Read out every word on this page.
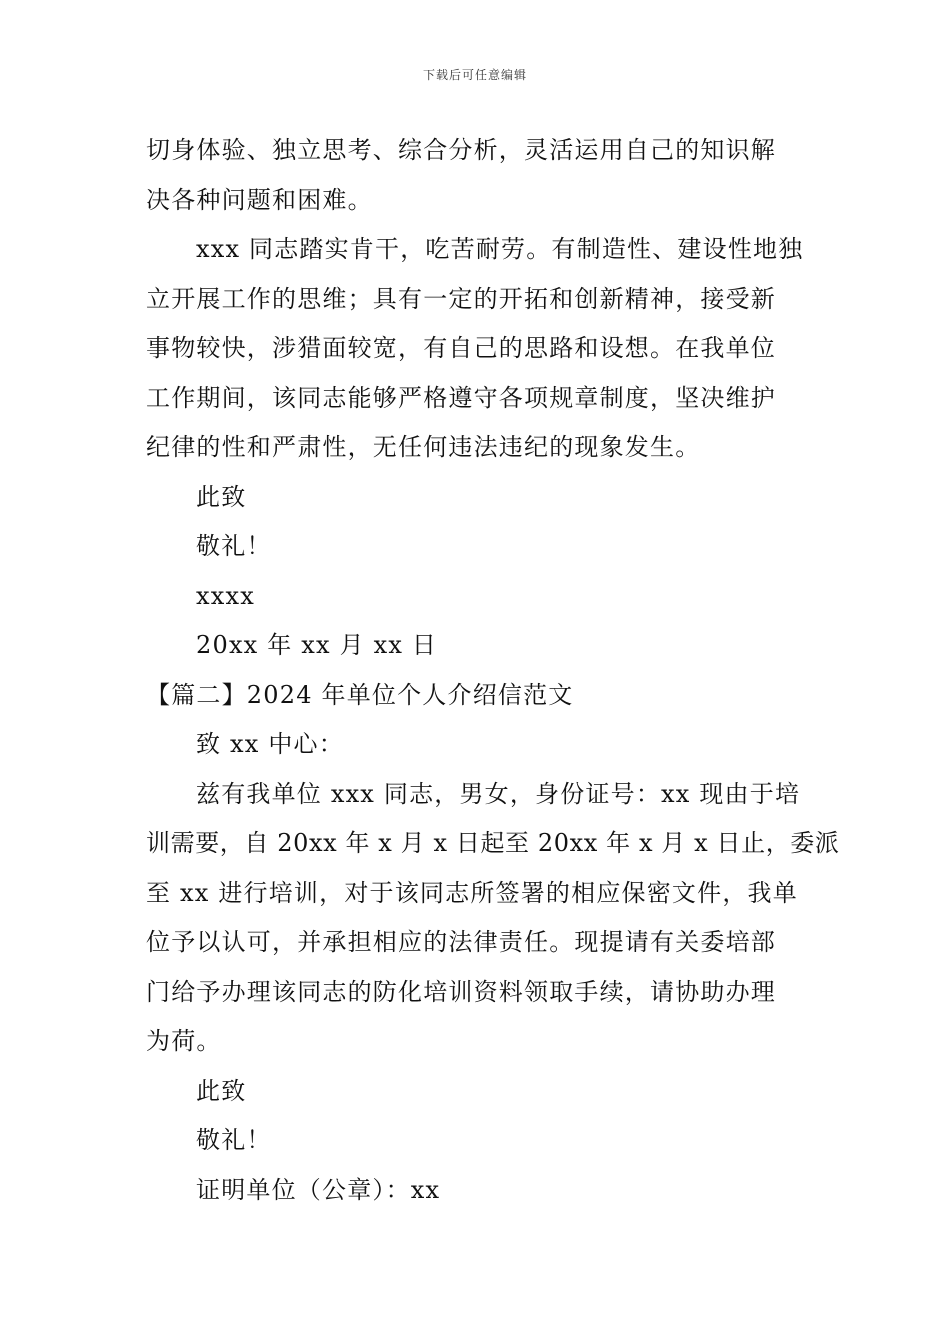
下载后可任意编辑
切身体验、独立思考、综合分析，灵活运用自己的知识解
决各种问题和困难。
xxx 同志踏实肯干，吃苦耐劳。有制造性、建设性地独
立开展工作的思维；具有一定的开拓和创新精神，接受新
事物较快，涉猎面较宽，有自己的思路和设想。在我单位
工作期间，该同志能够严格遵守各项规章制度，坚决维护
纪律的性和严肃性，无任何违法违纪的现象发生。
此致
敬礼！
xxxx
20xx 年 xx 月 xx 日
【篇二】2024 年单位个人介绍信范文
致 xx 中心：
兹有我单位 xxx 同志，男女，身份证号：xx 现由于培
训需要，自 20xx 年 x 月 x 日起至 20xx 年 x 月 x 日止，委派
至 xx 进行培训，对于该同志所签署的相应保密文件，我单
位予以认可，并承担相应的法律责任。现提请有关委培部
门给予办理该同志的防化培训资料领取手续，请协助办理
为荷。
此致
敬礼！
证明单位（公章）：xx
